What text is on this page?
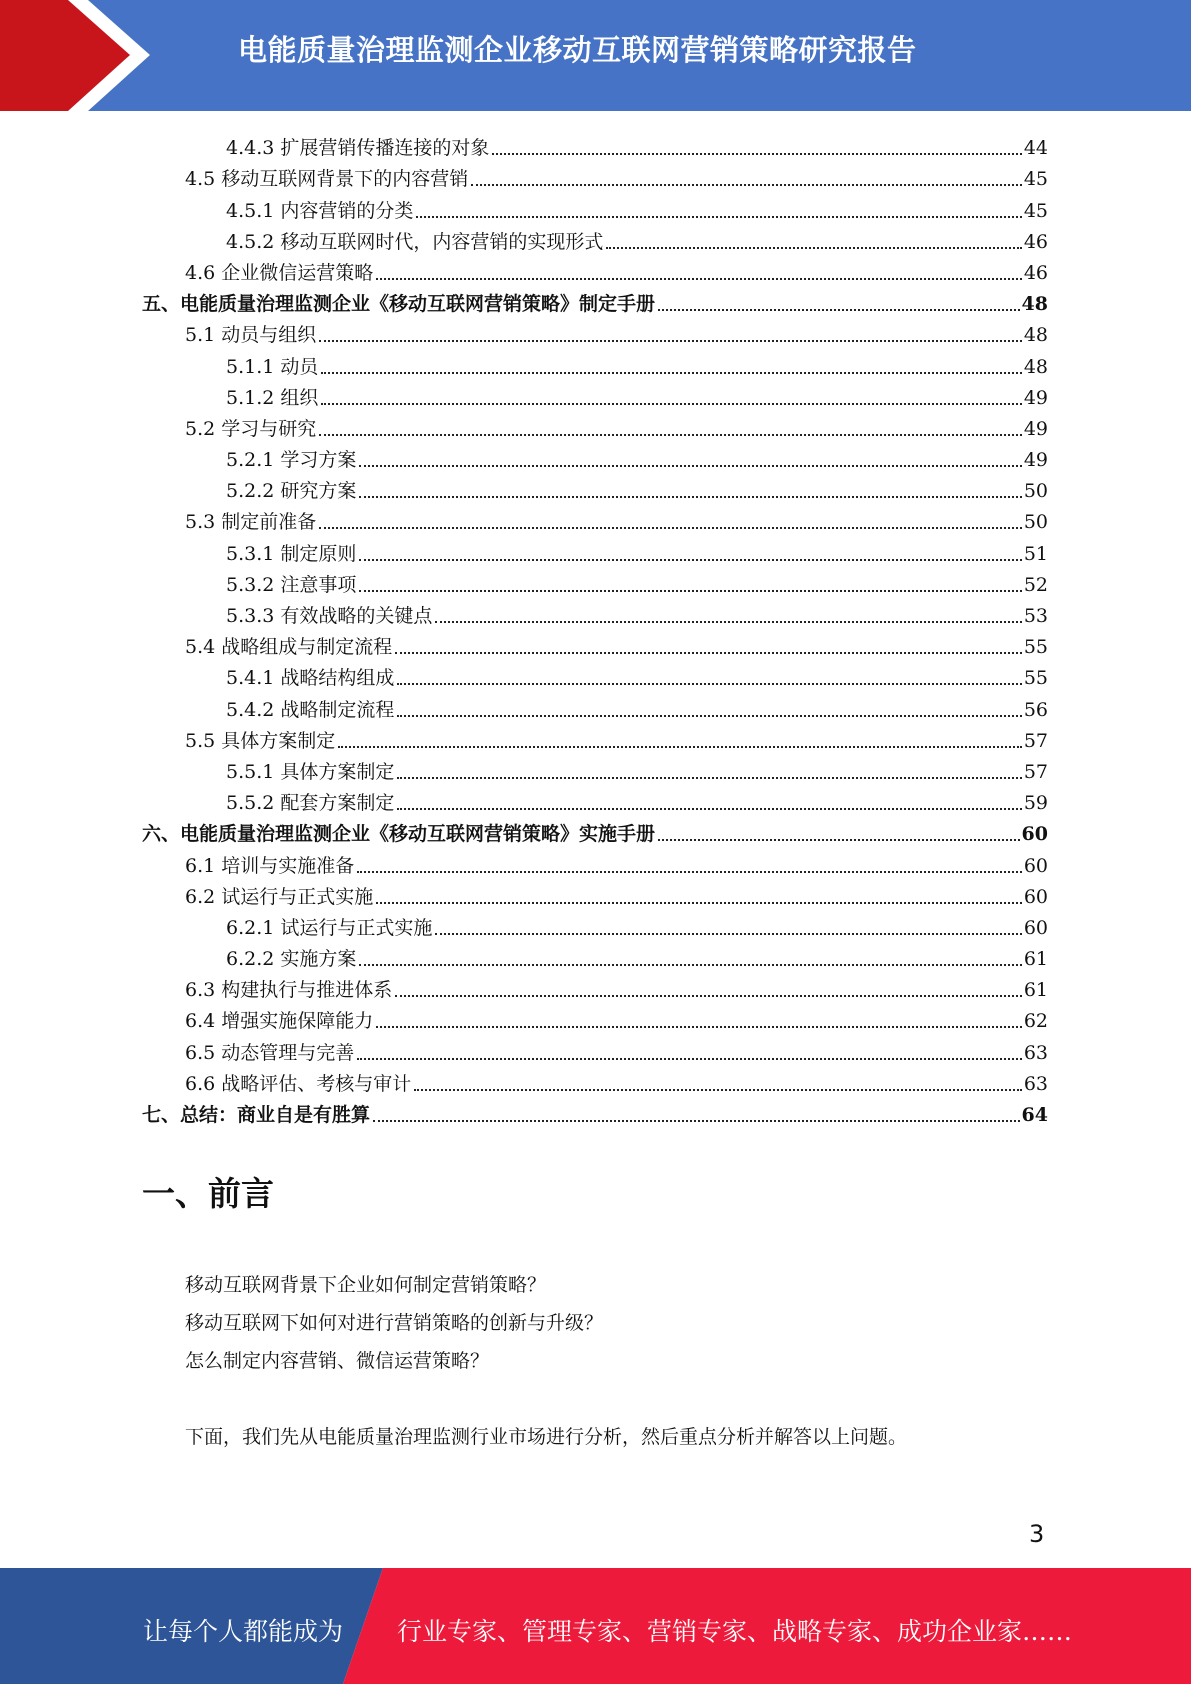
电能质量治理监测企业移动互联网营销策略研究报告
4.4.3 扩展营销传播连接的对象	44
4.5 移动互联网背景下的内容营销	45
4.5.1 内容营销的分类	45
4.5.2 移动互联网时代，内容营销的实现形式	46
4.6 企业微信运营策略	46
五、电能质量治理监测企业《移动互联网营销策略》制定手册	48
5.1 动员与组织	48
5.1.1 动员	48
5.1.2 组织	49
5.2 学习与研究	49
5.2.1 学习方案	49
5.2.2 研究方案	50
5.3 制定前准备	50
5.3.1 制定原则	51
5.3.2 注意事项	52
5.3.3 有效战略的关键点	53
5.4 战略组成与制定流程	55
5.4.1 战略结构组成	55
5.4.2 战略制定流程	56
5.5 具体方案制定	57
5.5.1 具体方案制定	57
5.5.2 配套方案制定	59
六、电能质量治理监测企业《移动互联网营销策略》实施手册	60
6.1 培训与实施准备	60
6.2 试运行与正式实施	60
6.2.1 试运行与正式实施	60
6.2.2 实施方案	61
6.3 构建执行与推进体系	61
6.4 增强实施保障能力	62
6.5 动态管理与完善	63
6.6 战略评估、考核与审计	63
七、总结：商业自是有胜算	64
一、前言
移动互联网背景下企业如何制定营销策略？
移动互联网下如何对进行营销策略的创新与升级？
怎么制定内容营销、微信运营策略？
下面，我们先从电能质量治理监测行业市场进行分析，然后重点分析并解答以上问题。
3
让每个人都能成为 行业专家、管理专家、营销专家、战略专家、成功企业家……
